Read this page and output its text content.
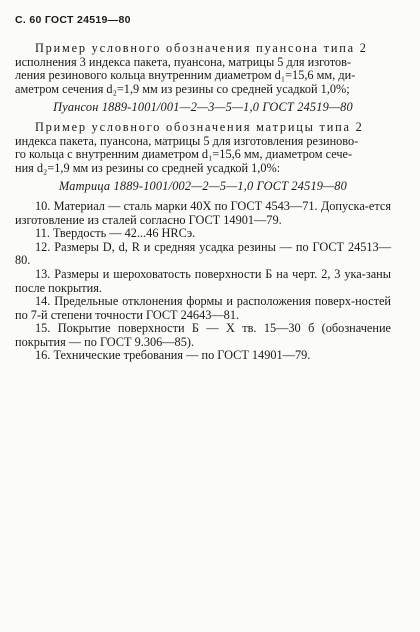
С. 60 ГОСТ 24519—80

Пример условного обозначения пуансона типа 2

исполнения 3 индекса пакета, пуансона, матрицы 5 для изготов-

ления резинового кольца внутренним диаметром d₁=15,6 мм, ди-

аметром сечения d₂=1,9 мм из резины со средней усадкой 1,0%;

Пуансон 1889-1001/001—2—3—5—1,0 ГОСТ 24519—80

Пример условного обозначения матрицы типа 2

индекса пакета, пуансона, матрицы 5 для изготовления резиново-

го кольца с внутренним диаметром d₁=15,6 мм, диаметром сече-

ния d₂=1,9 мм из резины со средней усадкой 1,0%:

Матрица 1889-1001/002—2—5—1,0 ГОСТ 24519—80

10. Материал — сталь марки 40Х по ГОСТ 4543—71. Допуска-ется изготовление из сталей согласно ГОСТ 14901—79.

11. Твердость — 42...46 HRCэ.

12. Размеры D, d, R и средняя усадка резины — по ГОСТ 24513—80.

13. Размеры и шероховатость поверхности Б на черт. 2, 3 ука-заны после покрытия.

14. Предельные отклонения формы и расположения поверх-ностей по 7-й степени точности ГОСТ 24643—81.

15. Покрытие поверхности Б — Х тв. 15—30 б (обозначение покрытия — по ГОСТ 9.306—85).

16. Технические требования — по ГОСТ 14901—79.
